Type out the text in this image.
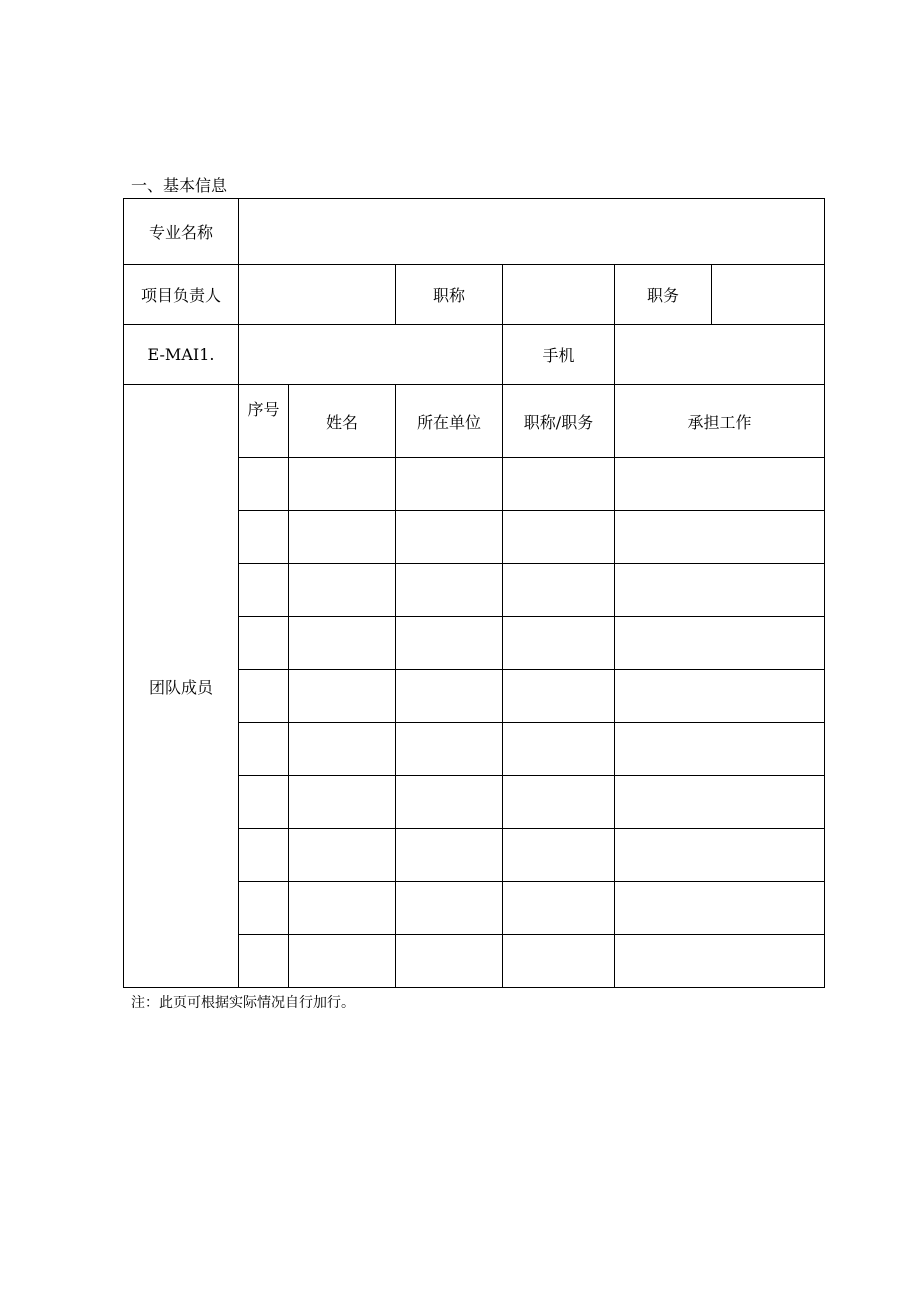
一、基本信息
专业名称						
项目负责人			职称		职务	
E-MAI1.				手机		
团队成员	序号	姓名	所在单位	职称/职务	承担工作	

注：此页可根据实际情况自行加行。
